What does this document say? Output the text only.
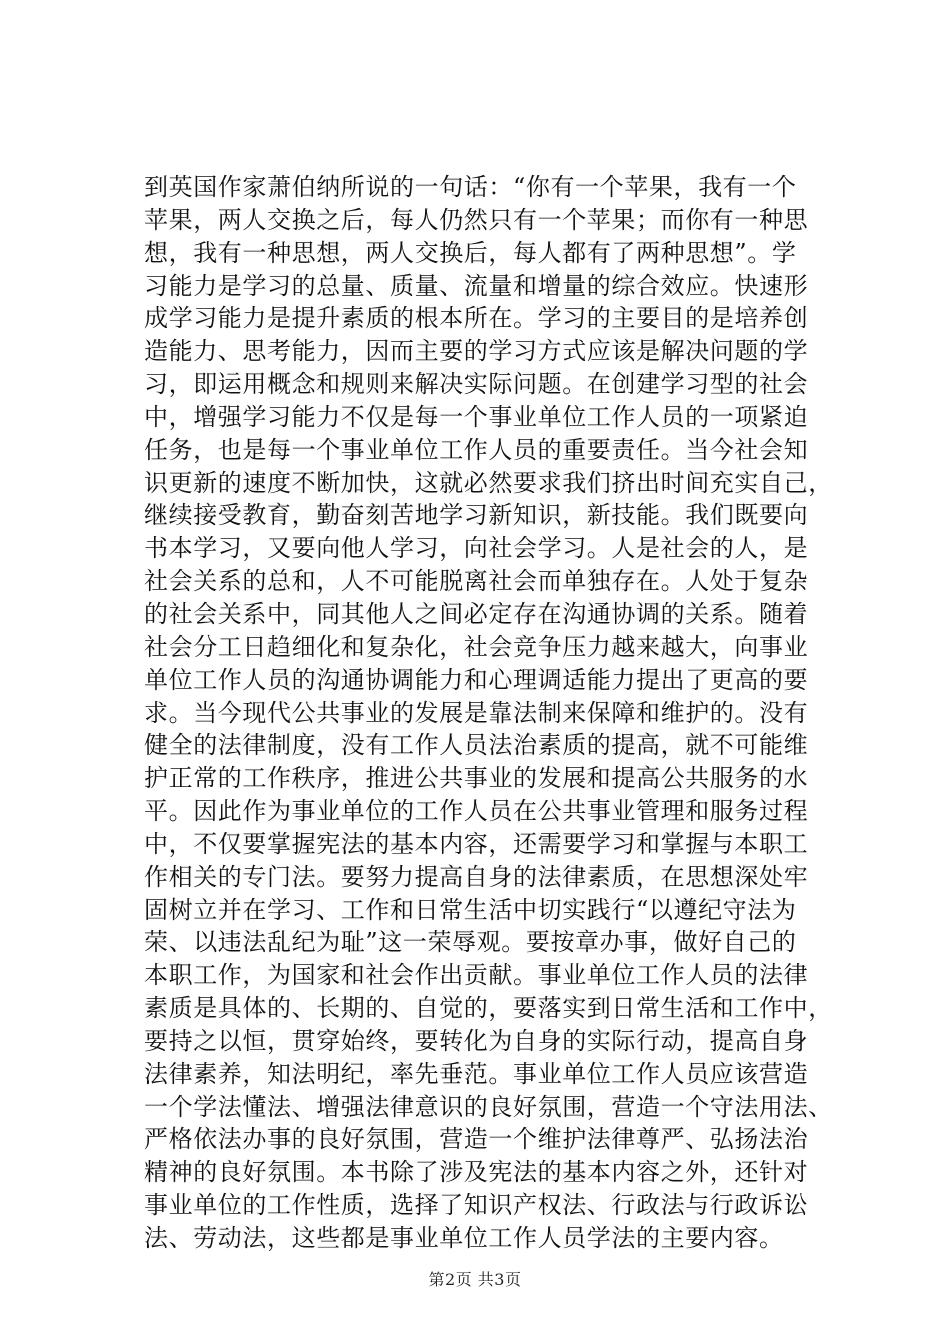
到英国作家萧伯纳所说的一句话：“你有一个苹果，我有一个
苹果，两人交换之后，每人仍然只有一个苹果；而你有一种思
想，我有一种思想，两人交换后，每人都有了两种思想”。学
习能力是学习的总量、质量、流量和增量的综合效应。快速形
成学习能力是提升素质的根本所在。学习的主要目的是培养创
造能力、思考能力，因而主要的学习方式应该是解决问题的学
习，即运用概念和规则来解决实际问题。在创建学习型的社会
中，增强学习能力不仅是每一个事业单位工作人员的一项紧迫
任务，也是每一个事业单位工作人员的重要责任。当今社会知
识更新的速度不断加快，这就必然要求我们挤出时间充实自己，
继续接受教育，勤奋刻苦地学习新知识，新技能。我们既要向
书本学习，又要向他人学习，向社会学习。人是社会的人，是
社会关系的总和，人不可能脱离社会而单独存在。人处于复杂
的社会关系中，同其他人之间必定存在沟通协调的关系。随着
社会分工日趋细化和复杂化，社会竞争压力越来越大，向事业
单位工作人员的沟通协调能力和心理调适能力提出了更高的要
求。当今现代公共事业的发展是靠法制来保障和维护的。没有
健全的法律制度，没有工作人员法治素质的提高，就不可能维
护正常的工作秩序，推进公共事业的发展和提高公共服务的水
平。因此作为事业单位的工作人员在公共事业管理和服务过程
中，不仅要掌握宪法的基本内容，还需要学习和掌握与本职工
作相关的专门法。要努力提高自身的法律素质，在思想深处牢
固树立并在学习、工作和日常生活中切实践行“以遵纪守法为
荣、以违法乱纪为耻”这一荣辱观。要按章办事，做好自己的
本职工作，为国家和社会作出贡献。事业单位工作人员的法律
素质是具体的、长期的、自觉的，要落实到日常生活和工作中，
要持之以恒，贯穿始终，要转化为自身的实际行动，提高自身
法律素养，知法明纪，率先垂范。事业单位工作人员应该营造
一个学法懂法、增强法律意识的良好氛围，营造一个守法用法、
严格依法办事的良好氛围，营造一个维护法律尊严、弘扬法治
精神的良好氛围。本书除了涉及宪法的基本内容之外，还针对
事业单位的工作性质，选择了知识产权法、行政法与行政诉讼
法、劳动法，这些都是事业单位工作人员学法的主要内容。
第2页 共3页
